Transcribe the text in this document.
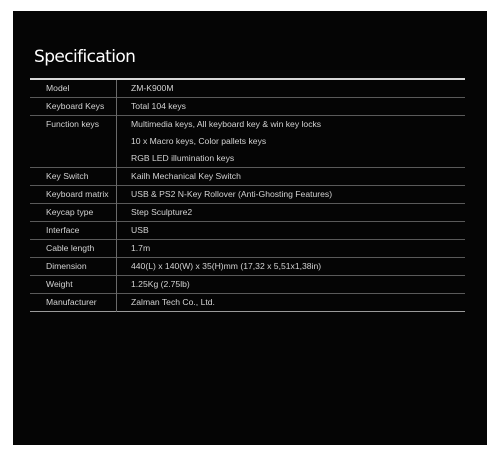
Specification
Model	ZM-K900M

Keyboard Keys	Total 104 keys

Function keys	Multimedia keys, All keyboard key & win key locks
10 x Macro keys, Color pallets keys
RGB LED illumination keys

Key Switch	Kailh Mechanical Key Switch

Keyboard matrix	USB & PS2 N-Key Rollover (Anti-Ghosting Features)

Keycap type	Step Sculpture2

Interface	USB

Cable length	1.7m

Dimension	440(L) x 140(W) x 35(H)mm (17,32 x 5,51x1,38in)

Weight	1.25Kg (2.75lb)

Manufacturer	Zalman Tech Co., Ltd.
